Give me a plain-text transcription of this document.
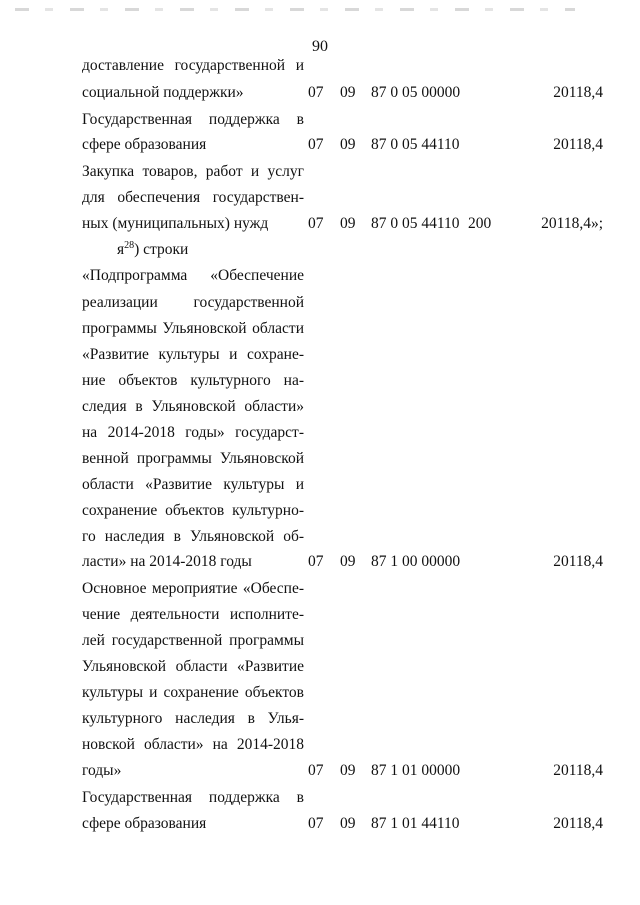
90
доставление государственной и
социальной поддержки»	07 09 87 0 05 00000	20118,4
Государственная поддержка в
сфере образования	07 09 87 0 05 44110	20118,4
Закупка товаров, работ и услуг
для обеспечения государствен-
ных (муниципальных) нужд	07 09 87 0 05 44110 200	20118,4»;
$я^{28}$) строки
«Подпрограмма «Обеспечение
реализации государственной
программы Ульяновской области
«Развитие культуры и сохране-
ние объектов культурного на-
следия в Ульяновской области»
на 2014-2018 годы» государст-
венной программы Ульяновской
области «Развитие культуры и
сохранение объектов культурно-
го наследия в Ульяновской об-
ласти» на 2014-2018 годы	07 09 87 1 00 00000	20118,4
Основное мероприятие «Обеспе-
чение деятельности исполните-
лей государственной программы
Ульяновской области «Развитие
культуры и сохранение объектов
культурного наследия в Улья-
новской области» на 2014-2018
годы»	07 09 87 1 01 00000	20118,4
Государственная поддержка в
сфере образования	07 09 87 1 01 44110	20118,4
